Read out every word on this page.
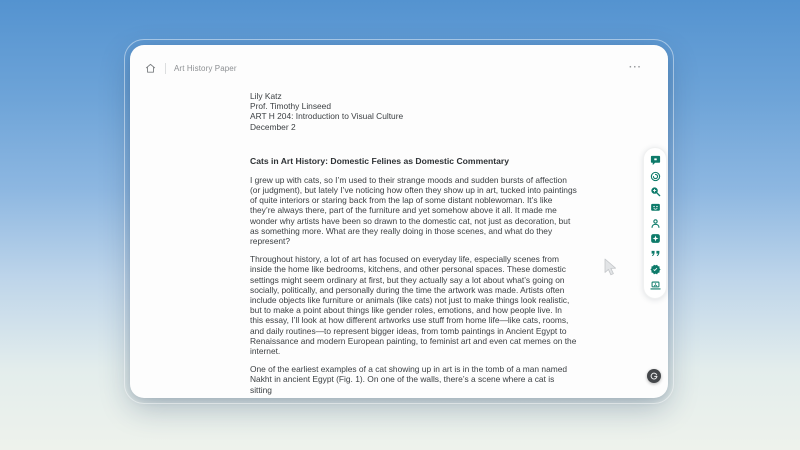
Art History Paper	···
Lily Katz
Prof. Timothy Linseed
ART H 204: Introduction to Visual Culture
December 2
Cats in Art History: Domestic Felines as Domestic Commentary
I grew up with cats, so I’m used to their strange moods and sudden bursts of affection (or judgment), but lately I’ve noticing how often they show up in art, tucked into paintings of quite interiors or staring back from the lap of some distant noblewoman. It’s like they’re always there, part of the furniture and yet somehow above it all. It made me wonder why artists have been so drawn to the domestic cat, not just as decoration, but as something more. What are they really doing in those scenes, and what do they represent?
Throughout history, a lot of art has focused on everyday life, especially scenes from inside the home like bedrooms, kitchens, and other personal spaces. These domestic settings might seem ordinary at first, but they actually say a lot about what’s going on socially, politically, and personally during the time the artwork was made. Artists often include objects like furniture or animals (like cats) not just to make things look realistic, but to make a point about things like gender roles, emotions, and how people live. In this essay, I’ll look at how different artworks use stuff from home life—like cats, rooms, and daily routines—to represent bigger ideas, from tomb paintings in Ancient Egypt to Renaissance and modern European painting, to feminist art and even cat memes on the internet.
One of the earliest examples of a cat showing up in art is in the tomb of a man named Nakht in ancient Egypt (Fig. 1). On one of the walls, there’s a scene where a cat is sitting
